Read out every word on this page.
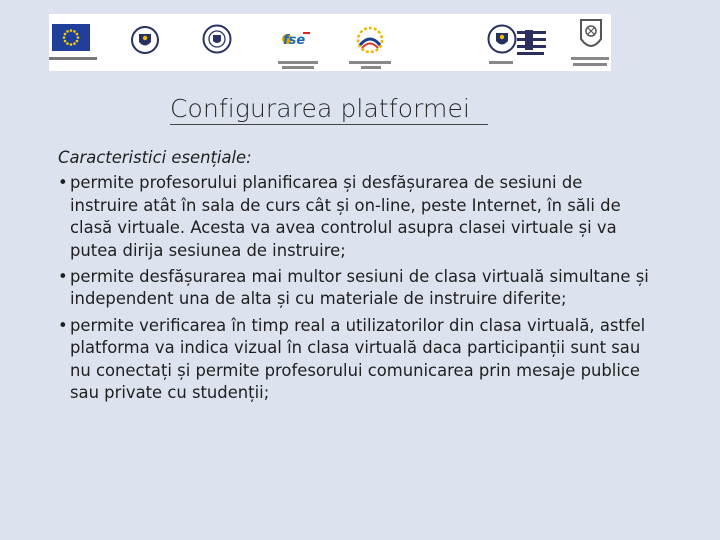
fse
Configurarea platformei
Caracteristici esențiale:
• permite profesorului planificarea și desfășurarea de sesiuni de
instruire atât în sala de curs cât și on-line, peste Internet, în săli de
clasă virtuale. Acesta va avea controlul asupra clasei virtuale și va
putea dirija sesiunea de instruire;
• permite desfășurarea mai multor sesiuni de clasa virtuală simultane și
independent una de alta și cu materiale de instruire diferite;
• permite verificarea în timp real a utilizatorilor din clasa virtuală, astfel
platforma va indica vizual în clasa virtuală daca participanții sunt sau
nu conectați și permite profesorului comunicarea prin mesaje publice
sau private cu studenții;
